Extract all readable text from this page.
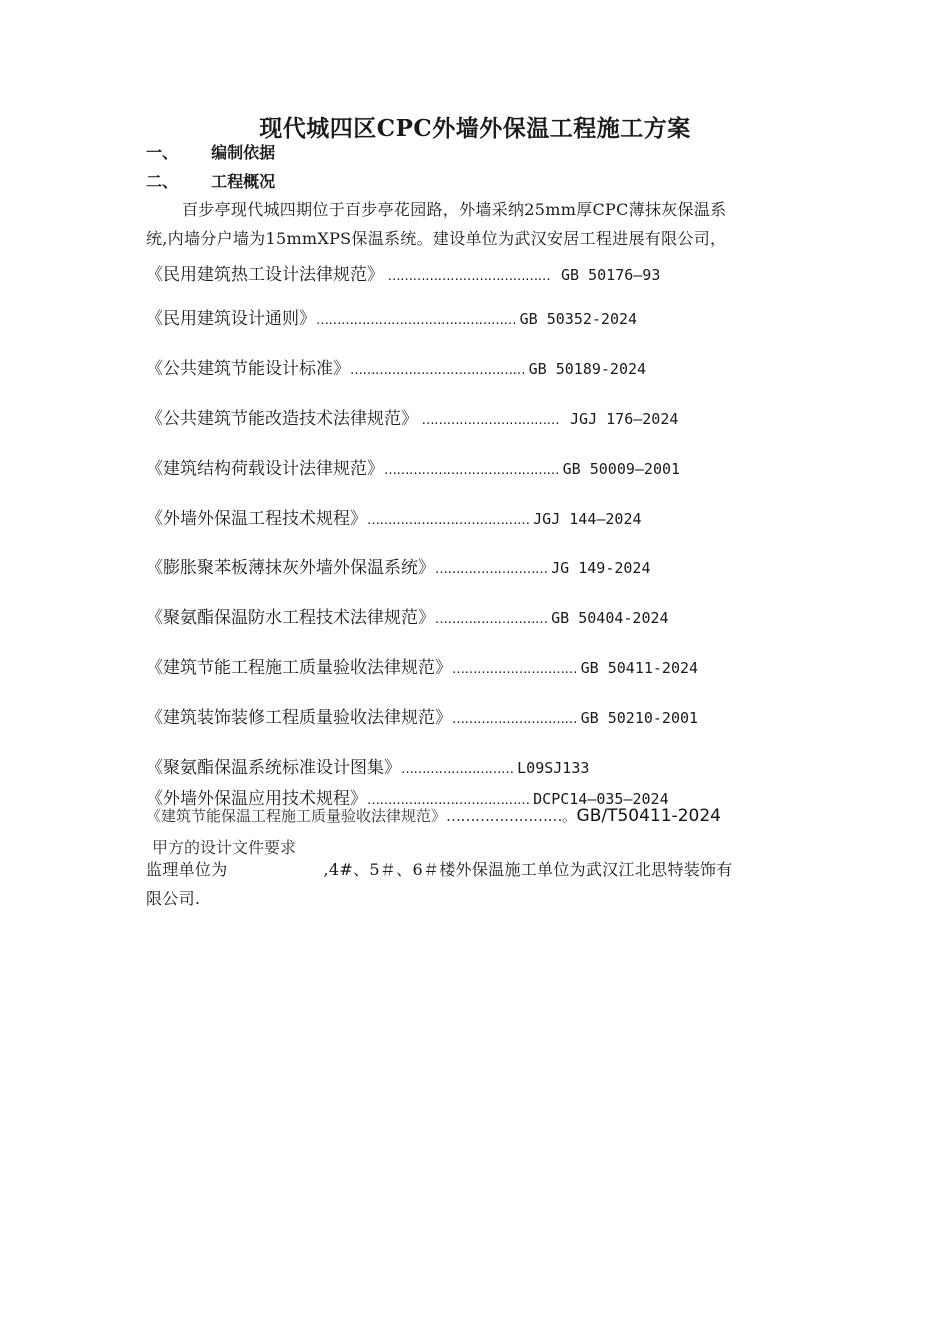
现代城四区CPC外墙外保温工程施工方案
一、 编制依据
二、 工程概况
百步亭现代城四期位于百步亭花园路，外墙采纳25mm厚CPC薄抹灰保温系
统,内墙分户墙为15mmXPS保温系统。建设单位为武汉安居工程进展有限公司，
《民用建筑热工设计法律规范》 ………………………………… GB 50176—93
《民用建筑设计通则》 ………………………………………… GB 50352-2024
《公共建筑节能设计标准》 …………………………………… GB 50189-2024
《公共建筑节能改造技术法律规范》 …………………………… JGJ 176—2024
《建筑结构荷载设计法律规范》 …………………………………… GB 50009—2001
《外墙外保温工程技术规程》 ………………………………… JGJ 144—2024
《膨胀聚苯板薄抹灰外墙外保温系统》 ……………………… JG 149-2024
《聚氨酯保温防水工程技术法律规范》 ……………………… GB 50404-2024
《建筑节能工程施工质量验收法律规范》 ………………………… GB 50411-2024
《建筑装饰装修工程质量验收法律规范》 ………………………… GB 50210-2001
《聚氨酯保温系统标准设计图集》 ……………………… L09SJ133
《外墙外保温应用技术规程》 ………………………………… DCPC14—035—2024
《建筑节能保温工程施工质量验收法律规范》 ……………………。 GB/T50411-2024
甲方的设计文件要求
监理单位为	,4#、5＃、6＃楼外保温施工单位为武汉江北思特装饰有
限公司.
